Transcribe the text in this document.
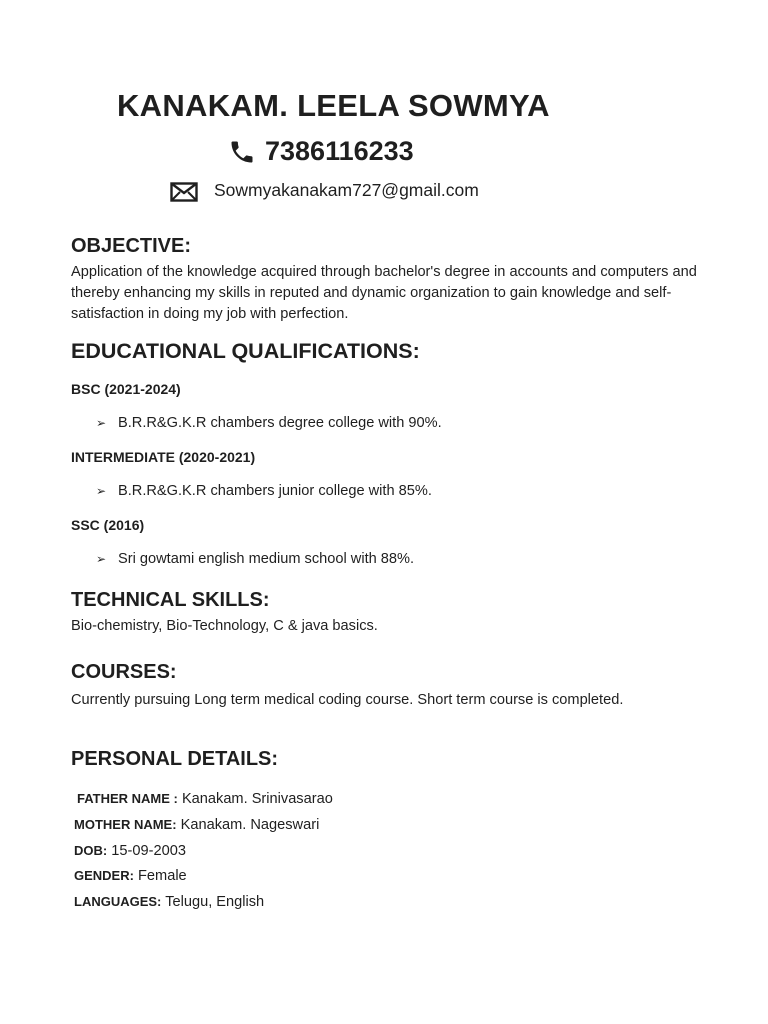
KANAKAM. LEELA SOWMYA
7386116233
Sowmyakanakam727@gmail.com
OBJECTIVE:

Application of the knowledge acquired through bachelor's degree in accounts and computers and thereby enhancing my skills in reputed and dynamic organization to gain knowledge and self-satisfaction in doing my job with perfection.

EDUCATIONAL QUALIFICATIONS:
BSC (2021-2024)
➢ B.R.R&G.K.R chambers degree college with 90%.
INTERMEDIATE (2020-2021)
➢ B.R.R&G.K.R chambers junior college with 85%.
SSC (2016)
➢ Sri gowtami english medium school with 88%.
TECHNICAL SKILLS:

Bio-chemistry, Bio-Technology, C & java basics.

COURSES:

Currently pursuing Long term medical coding course. Short term course is completed.

PERSONAL DETAILS:
FATHER NAME : Kanakam. Srinivasarao
MOTHER NAME: Kanakam. Nageswari
DOB: 15-09-2003
GENDER: Female
LANGUAGES: Telugu, English
